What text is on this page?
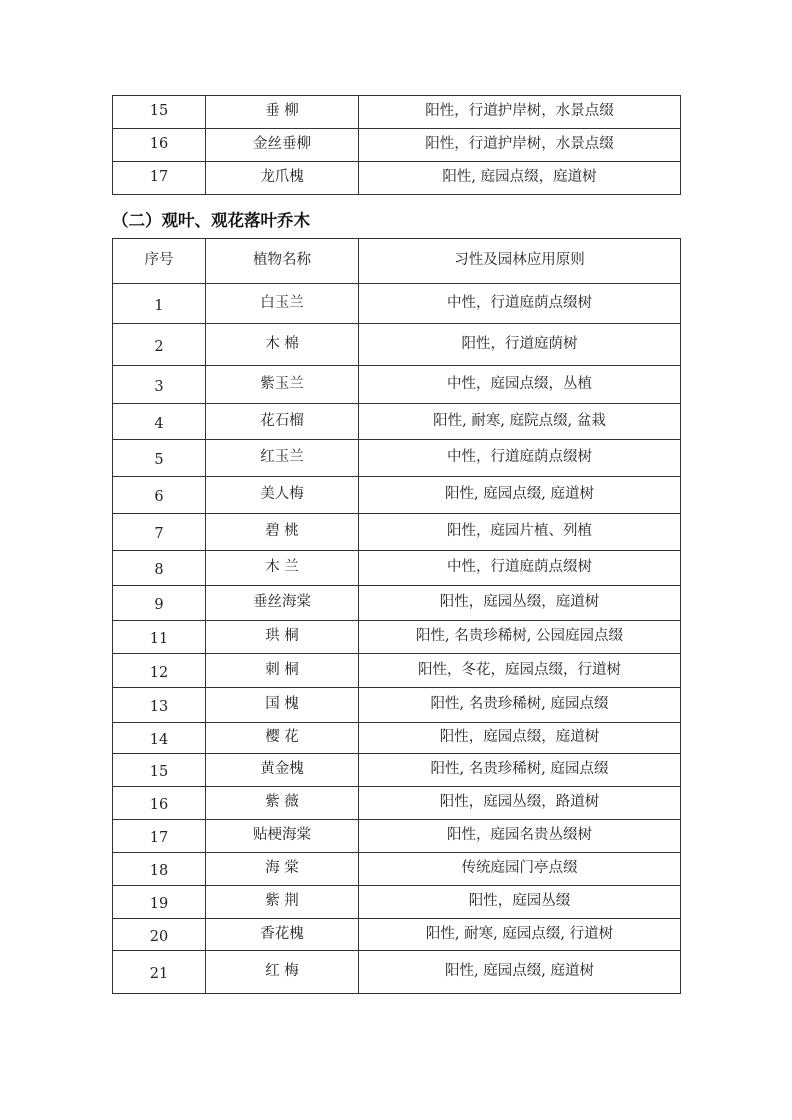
15	垂 柳	阳性，行道护岸树，水景点缀
16	金丝垂柳	阳性，行道护岸树，水景点缀
17	龙爪槐	阳性, 庭园点缀，庭道树
（二）观叶、观花落叶乔木
序号	植物名称	习性及园林应用原则
1	白玉兰	中性，行道庭荫点缀树
2	木 棉	阳性，行道庭荫树
3	紫玉兰	中性，庭园点缀，丛植
4	花石榴	阳性, 耐寒, 庭院点缀, 盆栽
5	红玉兰	中性，行道庭荫点缀树
6	美人梅	阳性, 庭园点缀, 庭道树
7	碧 桃	阳性，庭园片植、列植
8	木 兰	中性，行道庭荫点缀树
9	垂丝海棠	阳性，庭园丛缀，庭道树
11	珙 桐	阳性, 名贵珍稀树, 公园庭园点缀
12	刺 桐	阳性，冬花，庭园点缀，行道树
13	国 槐	阳性, 名贵珍稀树, 庭园点缀
14	樱 花	阳性，庭园点缀，庭道树
15	黄金槐	阳性, 名贵珍稀树, 庭园点缀
16	紫 薇	阳性，庭园丛缀，路道树
17	贴梗海棠	阳性，庭园名贵丛缀树
18	海 棠	传统庭园门亭点缀
19	紫 荆	阳性，庭园丛缀
20	香花槐	阳性, 耐寒, 庭园点缀, 行道树
21	红 梅	阳性, 庭园点缀, 庭道树
